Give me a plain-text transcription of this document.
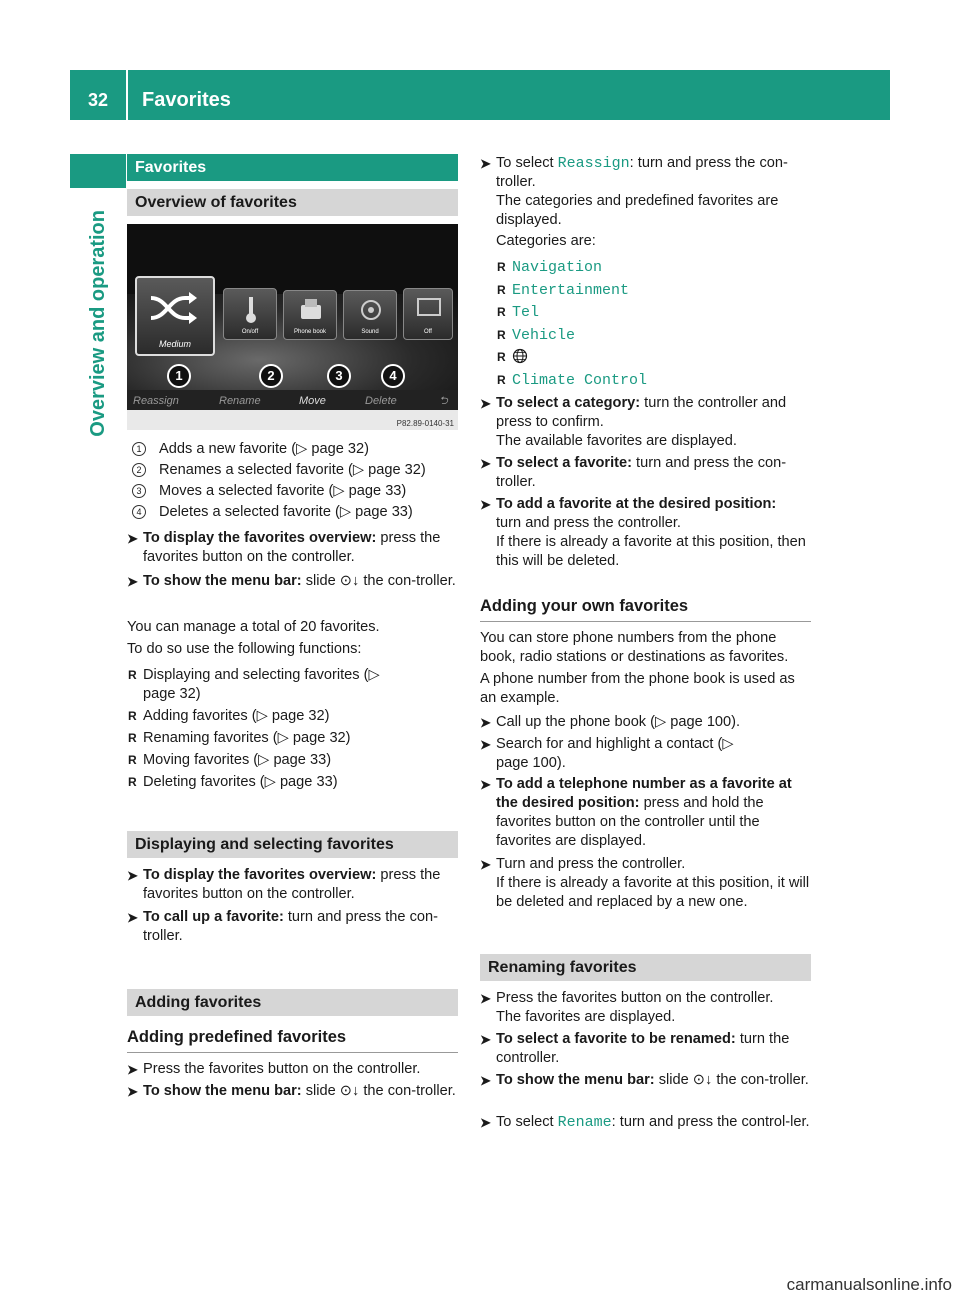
32	Favorites
Overview and operation
Favorites
Overview of favorites
Medium
On/off	Phone book	Sound	Off
1	2	3	4
Reassign	Rename	Move	Delete	⮌
P82.89-0140-31
1	Adds a new favorite (▷ page 32)
2	Renames a selected favorite (▷ page 32)
3	Moves a selected favorite (▷ page 33)
4	Deletes a selected favorite (▷ page 33)
➤ To display the favorites overview: press the favorites button on the controller.
➤ To show the menu bar: slide ⊙↓ the con-troller.
You can manage a total of 20 favorites.
To do so use the following functions:
R Displaying and selecting favorites (▷ page 32)
R Adding favorites (▷ page 32)
R Renaming favorites (▷ page 32)
R Moving favorites (▷ page 33)
R Deleting favorites (▷ page 33)
Displaying and selecting favorites
➤ To display the favorites overview: press the favorites button on the controller.
➤ To call up a favorite: turn and press the con-troller.
Adding favorites
Adding predefined favorites
➤ Press the favorites button on the controller.
➤ To show the menu bar: slide ⊙↓ the con-troller.
➤ To select Reassign: turn and press the con-troller.
The categories and predefined favorites are displayed.
Categories are:
R Navigation
R Entertainment
R Tel
R Vehicle
R
R Climate Control
➤ To select a category: turn the controller and press to confirm.
The available favorites are displayed.
➤ To select a favorite: turn and press the con-troller.
➤ To add a favorite at the desired position:
turn and press the controller.
If there is already a favorite at this position, then this will be deleted.
Adding your own favorites
You can store phone numbers from the phone book, radio stations or destinations as favorites.
A phone number from the phone book is used as an example.
➤ Call up the phone book (▷ page 100).
➤ Search for and highlight a contact (▷ page 100).
➤ To add a telephone number as a favorite at the desired position: press and hold the favorites button on the controller until the favorites are displayed.
➤ Turn and press the controller.
If there is already a favorite at this position, it will be deleted and replaced by a new one.
Renaming favorites
➤ Press the favorites button on the controller.
The favorites are displayed.
➤ To select a favorite to be renamed: turn the controller.
➤ To show the menu bar: slide ⊙↓ the con-troller.
➤ To select Rename: turn and press the control-ler.
carmanualsonline.info
